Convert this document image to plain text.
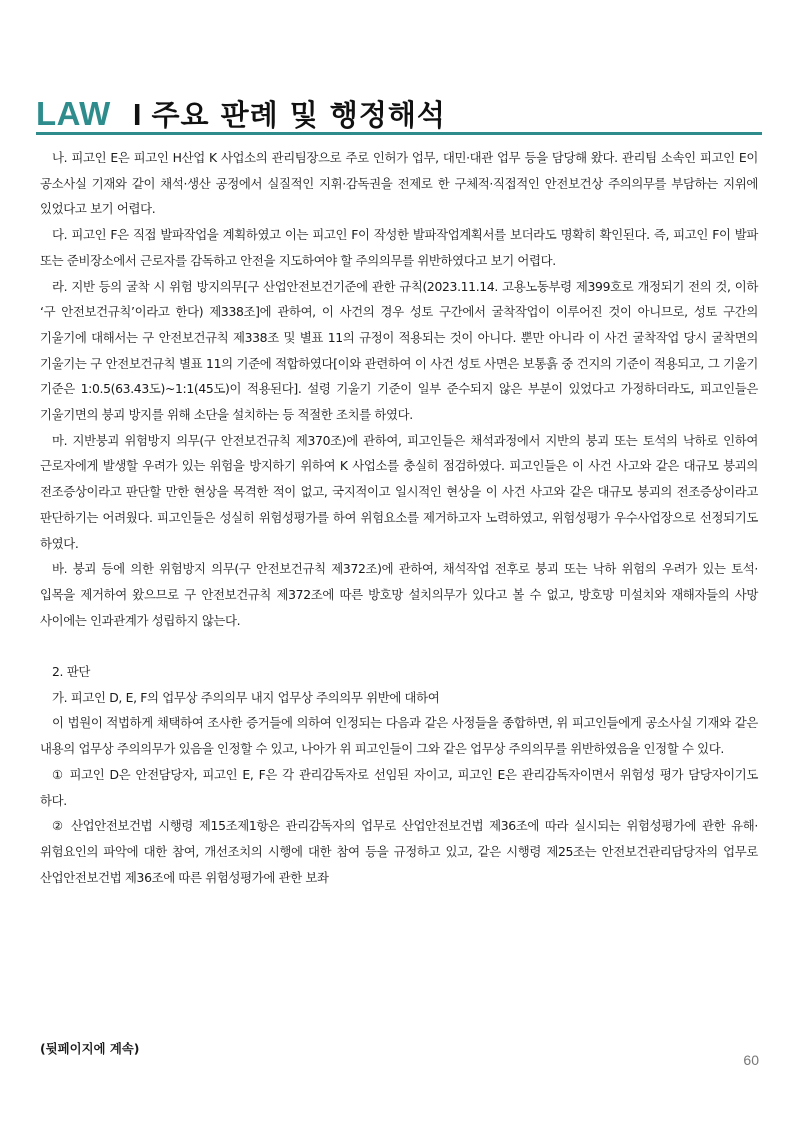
LAW I 주요 판례 및 행정해석

나. 피고인 E은 피고인 H산업 K 사업소의 관리팀장으로 주로 인허가 업무, 대민·대관 업무 등을 담당해 왔다. 관리팀 소속인 피고인 E이 공소사실 기재와 같이 채석·생산 공정에서 실질적인 지휘·감독권을 전제로 한 구체적·직접적인 안전보건상 주의의무를 부담하는 지위에 있었다고 보기 어렵다.

다. 피고인 F은 직접 발파작업을 계획하였고 이는 피고인 F이 작성한 발파작업계획서를 보더라도 명확히 확인된다. 즉, 피고인 F이 발파 또는 준비장소에서 근로자를 감독하고 안전을 지도하여야 할 주의의무를 위반하였다고 보기 어렵다.

라. 지반 등의 굴착 시 위험 방지의무[구 산업안전보건기준에 관한 규칙(2023.11.14. 고용노동부령 제399호로 개정되기 전의 것, 이하 ‘구 안전보건규칙’이라고 한다) 제338조]에 관하여, 이 사건의 경우 성토 구간에서 굴착작업이 이루어진 것이 아니므로, 성토 구간의 기울기에 대해서는 구 안전보건규칙 제338조 및 별표 11의 규정이 적용되는 것이 아니다. 뿐만 아니라 이 사건 굴착작업 당시 굴착면의 기울기는 구 안전보건규칙 별표 11의 기준에 적합하였다[이와 관련하여 이 사건 성토 사면은 보통흙 중 건지의 기준이 적용되고, 그 기울기 기준은 1:0.5(63.43도)~1:1(45도)이 적용된다]. 설령 기울기 기준이 일부 준수되지 않은 부분이 있었다고 가정하더라도, 피고인들은 기울기면의 붕괴 방지를 위해 소단을 설치하는 등 적절한 조치를 하였다.

마. 지반붕괴 위험방지 의무(구 안전보건규칙 제370조)에 관하여, 피고인들은 채석과정에서 지반의 붕괴 또는 토석의 낙하로 인하여 근로자에게 발생할 우려가 있는 위험을 방지하기 위하여 K 사업소를 충실히 점검하였다. 피고인들은 이 사건 사고와 같은 대규모 붕괴의 전조증상이라고 판단할 만한 현상을 목격한 적이 없고, 국지적이고 일시적인 현상을 이 사건 사고와 같은 대규모 붕괴의 전조증상이라고 판단하기는 어려웠다. 피고인들은 성실히 위험성평가를 하여 위험요소를 제거하고자 노력하였고, 위험성평가 우수사업장으로 선정되기도 하였다.

바. 붕괴 등에 의한 위험방지 의무(구 안전보건규칙 제372조)에 관하여, 채석작업 전후로 붕괴 또는 낙하 위험의 우려가 있는 토석·입목을 제거하여 왔으므로 구 안전보건규칙 제372조에 따른 방호망 설치의무가 있다고 볼 수 없고, 방호망 미설치와 재해자들의 사망 사이에는 인과관계가 성립하지 않는다.

2. 판단

가. 피고인 D, E, F의 업무상 주의의무 내지 업무상 주의의무 위반에 대하여

이 법원이 적법하게 채택하여 조사한 증거들에 의하여 인정되는 다음과 같은 사정들을 종합하면, 위 피고인들에게 공소사실 기재와 같은 내용의 업무상 주의의무가 있음을 인정할 수 있고, 나아가 위 피고인들이 그와 같은 업무상 주의의무를 위반하였음을 인정할 수 있다.

① 피고인 D은 안전담당자, 피고인 E, F은 각 관리감독자로 선임된 자이고, 피고인 E은 관리감독자이면서 위험성 평가 담당자이기도 하다.

② 산업안전보건법 시행령 제15조제1항은 관리감독자의 업무로 산업안전보건법 제36조에 따라 실시되는 위험성평가에 관한 유해·위험요인의 파악에 대한 참여, 개선조치의 시행에 대한 참여 등을 규정하고 있고, 같은 시행령 제25조는 안전보건관리담당자의 업무로 산업안전보건법 제36조에 따른 위험성평가에 관한 보좌

(뒷페이지에 계속)
60
